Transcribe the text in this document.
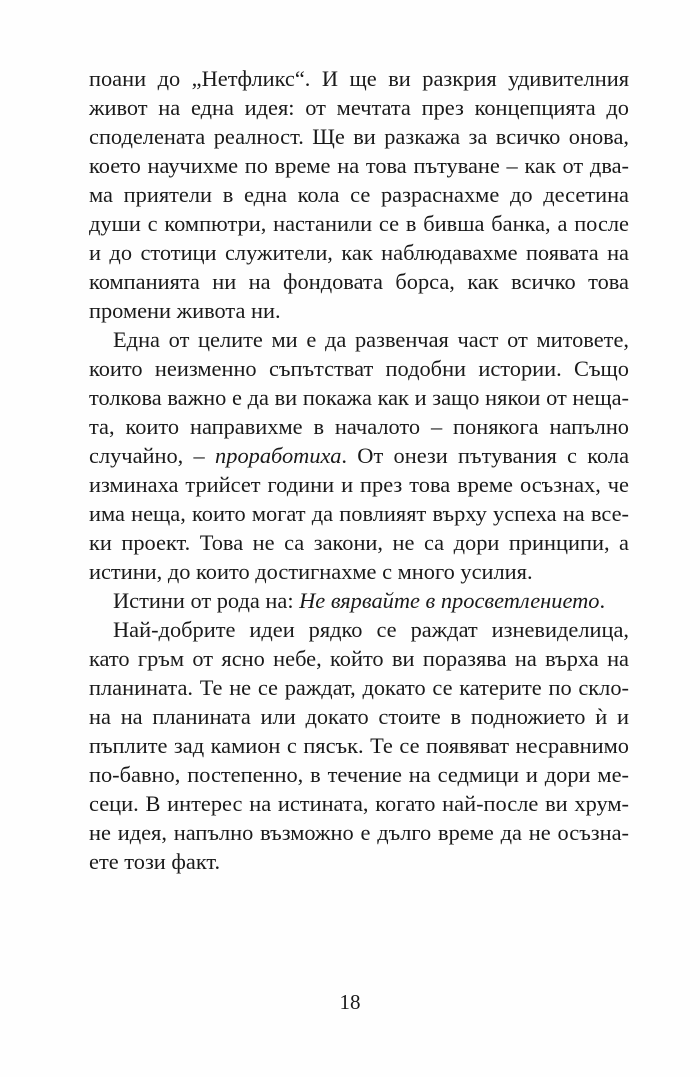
поани до „Нетфликс“. И ще ви разкрия удивителния
живот на една идея: от мечтата през концепцията до
споделената реалност. Ще ви разкажа за всичко онова,
което научихме по време на това пътуване – как от два-
ма приятели в една кола се разраснахме до десетина
души с компютри, настанили се в бивша банка, а после
и до стотици служители, как наблюдавахме появата на
компанията ни на фондовата борса, как всичко това
промени живота ни.
Една от целите ми е да развенчая част от митовете,
които неизменно съпътстват подобни истории. Също
толкова важно е да ви покажа как и защо някои от неща-
та, които направихме в началото – понякога напълно
случайно, – проработиха. От онези пътувания с кола
изминаха трийсет години и през това време осъзнах, че
има неща, които могат да повлияят върху успеха на все-
ки проект. Това не са закони, не са дори принципи, а
истини, до които достигнахме с много усилия.
Истини от рода на: Не вярвайте в просветлението.
Най-добрите идеи рядко се раждат изневиделица,
като гръм от ясно небе, който ви поразява на върха на
планината. Те не се раждат, докато се катерите по скло-
на на планината или докато стоите в подножието ѝ и
пъплите зад камион с пясък. Те се появяват несравнимо
по-бавно, постепенно, в течение на седмици и дори ме-
сеци. В интерес на истината, когато най-после ви хрум-
не идея, напълно възможно е дълго време да не осъзна-
ете този факт.
18
